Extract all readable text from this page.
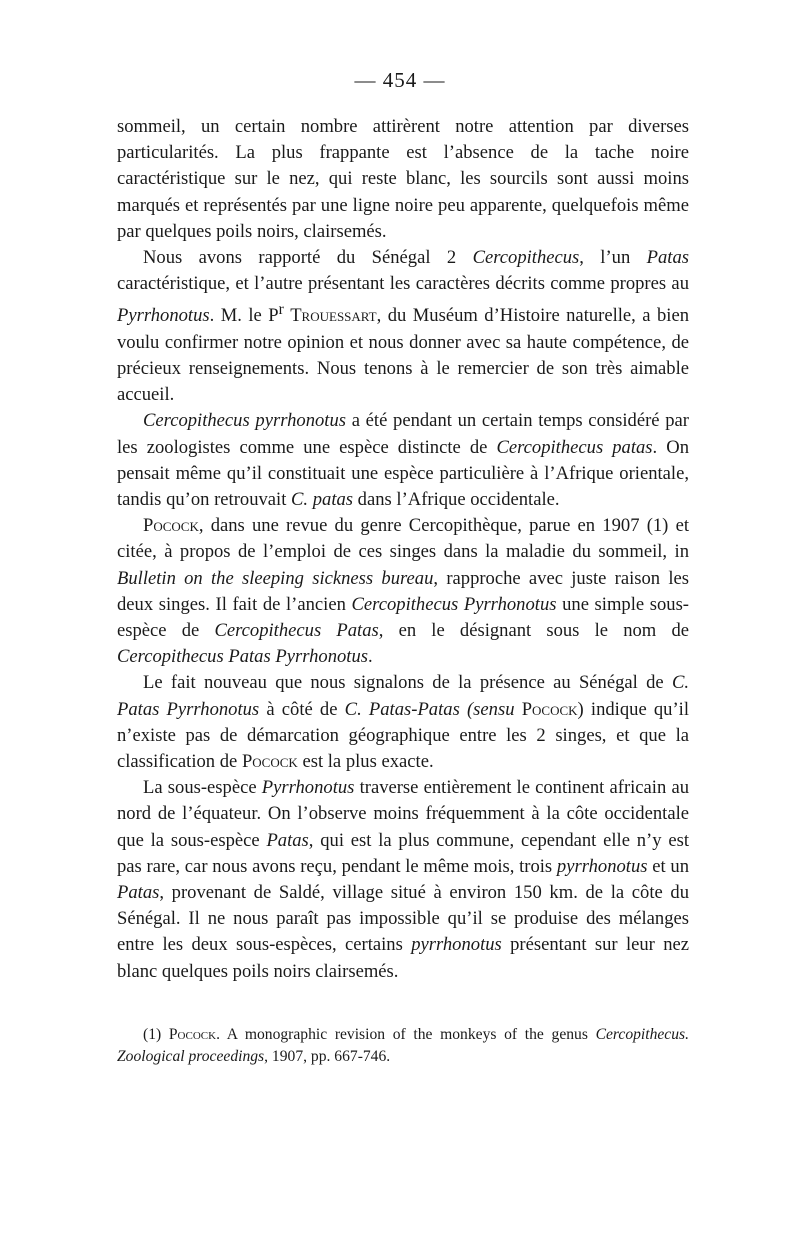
— 454 —

sommeil, un certain nombre attirèrent notre attention par diverses particularités. La plus frappante est l’absence de la tache noire caractéristique sur le nez, qui reste blanc, les sourcils sont aussi moins marqués et représentés par une ligne noire peu apparente, quelquefois même par quelques poils noirs, clairsemés.

Nous avons rapporté du Sénégal 2 Cercopithecus, l’un Patas caractéristique, et l’autre présentant les caractères décrits comme propres au Pyrrhonotus. M. le $P^r$ Trouessart, du Muséum d’Histoire naturelle, a bien voulu confirmer notre opinion et nous donner avec sa haute compétence, de précieux renseignements. Nous tenons à le remercier de son très aimable accueil.

Cercopithecus pyrrhonotus a été pendant un certain temps considéré par les zoologistes comme une espèce distincte de Cercopithecus patas. On pensait même qu’il constituait une espèce particulière à l’Afrique orientale, tandis qu’on retrouvait C. patas dans l’Afrique occidentale.

Pocock, dans une revue du genre Cercopithèque, parue en 1907 (1) et citée, à propos de l’emploi de ces singes dans la maladie du sommeil, in Bulletin on the sleeping sickness bureau, rapproche avec juste raison les deux singes. Il fait de l’ancien Cercopithecus Pyrrhonotus une simple sous-espèce de Cercopithecus Patas, en le désignant sous le nom de Cercopithecus Patas Pyrrhonotus.

Le fait nouveau que nous signalons de la présence au Sénégal de C. Patas Pyrrhonotus à côté de C. Patas-Patas (sensu Pocock) indique qu’il n’existe pas de démarcation géographique entre les 2 singes, et que la classification de Pocock est la plus exacte.

La sous-espèce Pyrrhonotus traverse entièrement le continent africain au nord de l’équateur. On l’observe moins fréquemment à la côte occidentale que la sous-espèce Patas, qui est la plus commune, cependant elle n’y est pas rare, car nous avons reçu, pendant le même mois, trois pyrrhonotus et un Patas, provenant de Saldé, village situé à environ 150 km. de la côte du Sénégal. Il ne nous paraît pas impossible qu’il se produise des mélanges entre les deux sous-espèces, certains pyrrhonotus présentant sur leur nez blanc quelques poils noirs clairsemés.

(1) Pocock. A monographic revision of the monkeys of the genus Cercopithecus. Zoological proceedings, 1907, pp. 667-746.
